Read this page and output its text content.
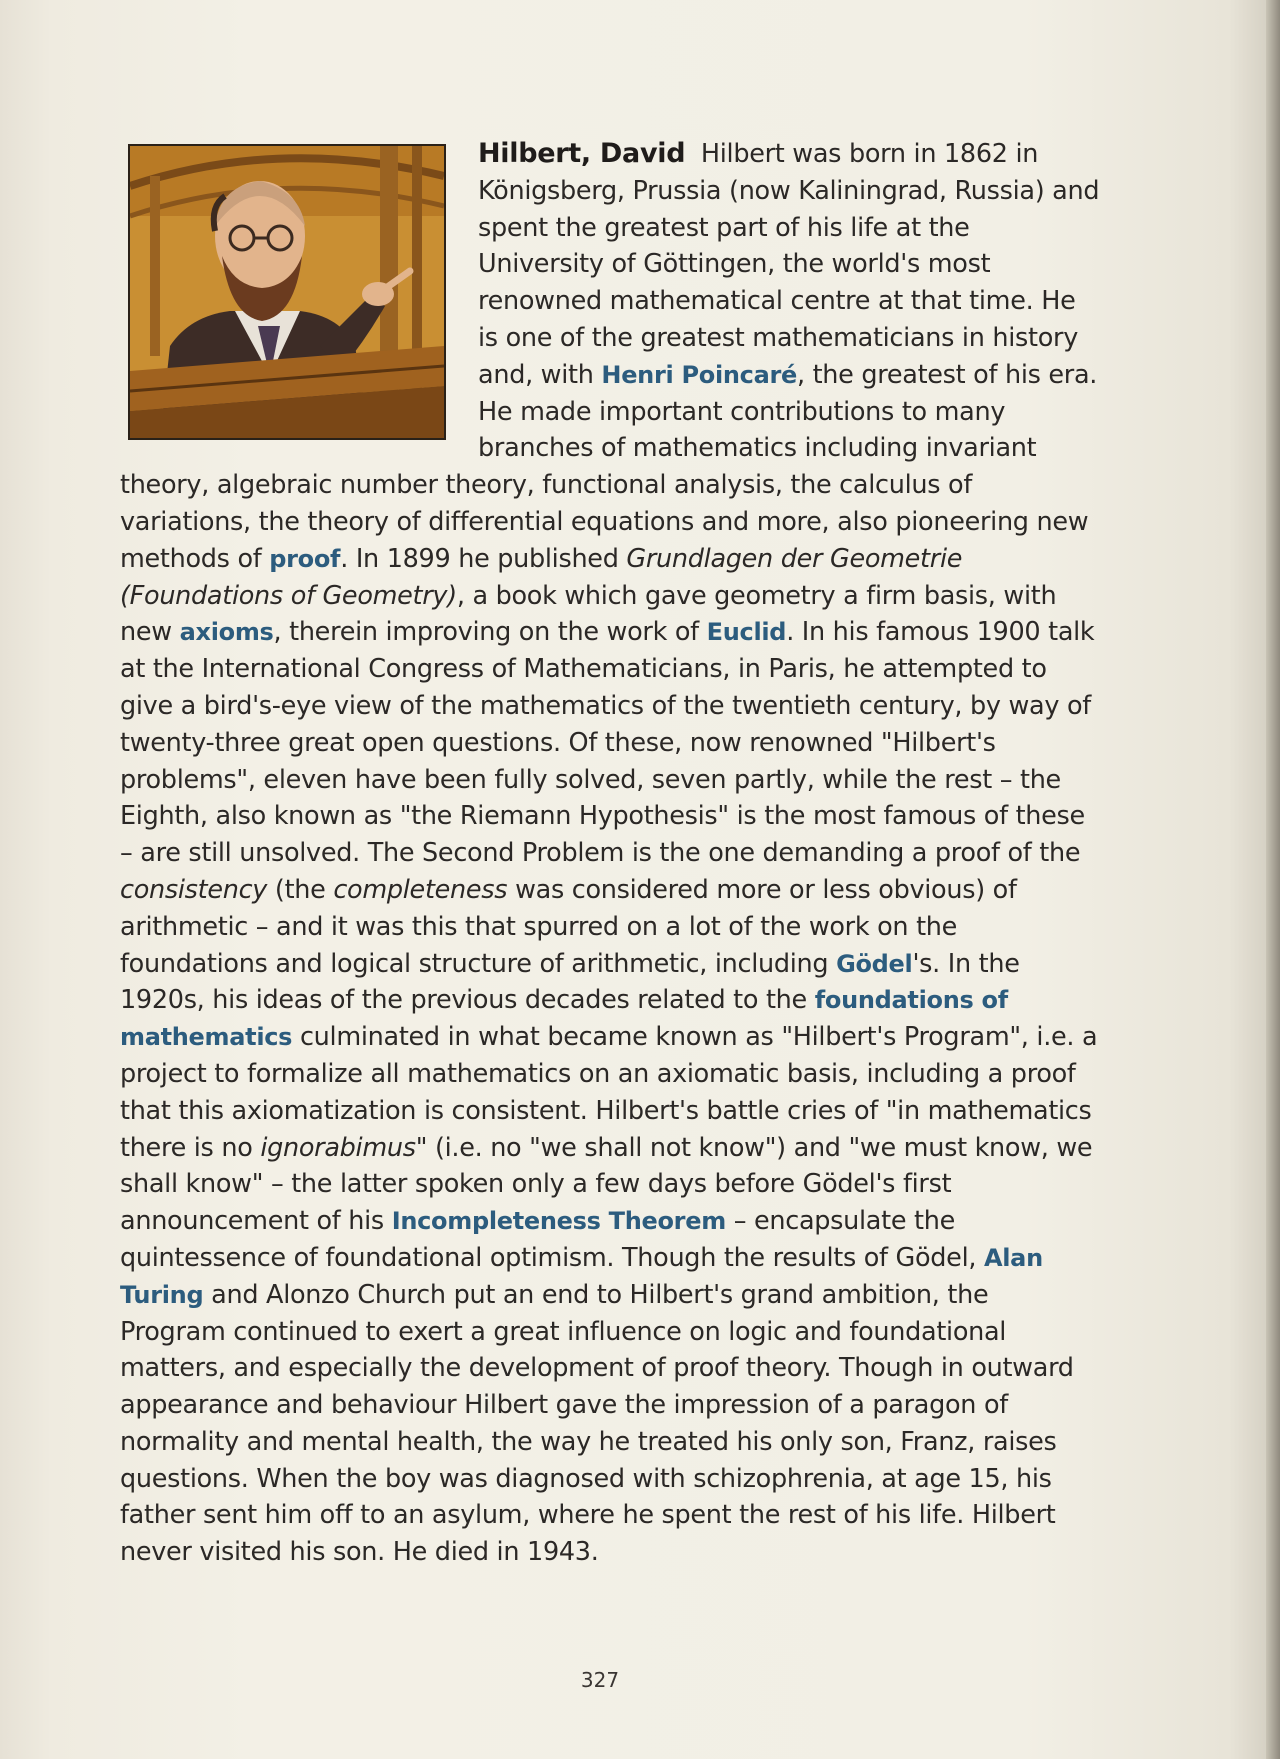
Hilbert, David Hilbert was born in 1862 in Königsberg, Prussia (now Kaliningrad, Russia) and spent the greatest part of his life at the University of Göttingen, the world's most renowned mathematical centre at that time. He is one of the greatest mathematicians in history and, with Henri Poincaré, the greatest of his era. He made important contributions to many branches of mathematics including invariant theory, algebraic number theory, functional analysis, the calculus of variations, the theory of differential equations and more, also pioneering new methods of proof. In 1899 he published Grundlagen der Geometrie (Foundations of Geometry), a book which gave geometry a firm basis, with new axioms, therein improving on the work of Euclid. In his famous 1900 talk at the International Congress of Mathematicians, in Paris, he attempted to give a bird's-eye view of the mathematics of the twentieth century, by way of twenty-three great open questions. Of these, now renowned "Hilbert's problems", eleven have been fully solved, seven partly, while the rest – the Eighth, also known as "the Riemann Hypothesis" is the most famous of these – are still unsolved. The Second Problem is the one demanding a proof of the consistency (the completeness was considered more or less obvious) of arithmetic – and it was this that spurred on a lot of the work on the foundations and logical structure of arithmetic, including Gödel's. In the 1920s, his ideas of the previous decades related to the foundations of mathematics culminated in what became known as "Hilbert's Program", i.e. a project to formalize all mathematics on an axiomatic basis, including a proof that this axiomatization is consistent. Hilbert's battle cries of "in mathematics there is no ignorabimus" (i.e. no "we shall not know") and "we must know, we shall know" – the latter spoken only a few days before Gödel's first announcement of his Incompleteness Theorem – encapsulate the quintessence of foundational optimism. Though the results of Gödel, Alan Turing and Alonzo Church put an end to Hilbert's grand ambition, the Program continued to exert a great influence on logic and foundational matters, and especially the development of proof theory. Though in outward appearance and behaviour Hilbert gave the impression of a paragon of normality and mental health, the way he treated his only son, Franz, raises questions. When the boy was diagnosed with schizophrenia, at age 15, his father sent him off to an asylum, where he spent the rest of his life. Hilbert never visited his son. He died in 1943.
327
